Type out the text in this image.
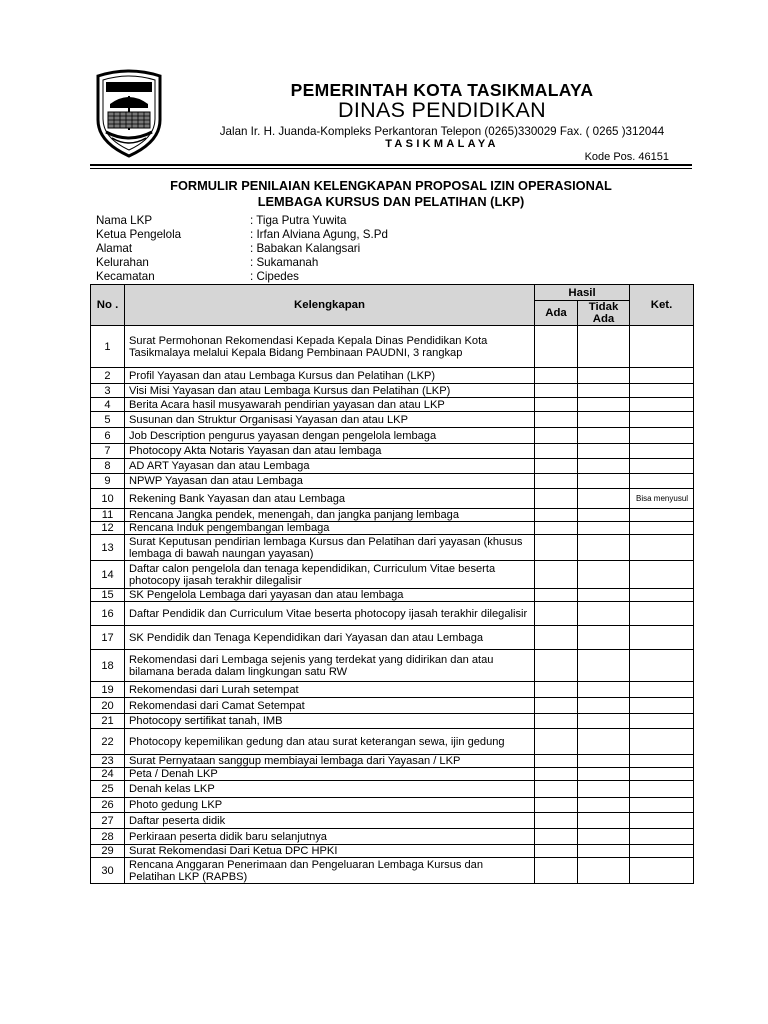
PEMERINTAH KOTA TASIKMALAYA
DINAS PENDIDIKAN
Jalan Ir. H. Juanda-Kompleks Perkantoran Telepon (0265)330029 Fax. ( 0265 )312044
TASIKMALAYA
Kode Pos. 46151
FORMULIR PENILAIAN KELENGKAPAN PROPOSAL IZIN OPERASIONAL
LEMBAGA KURSUS DAN PELATIHAN (LKP)
Nama LKP	: Tiga Putra Yuwita
Ketua Pengelola	: Irfan Alviana Agung, S.Pd
Alamat	: Babakan Kalangsari
Kelurahan	: Sukamanah
Kecamatan	: Cipedes
No .	Kelengkapan	Hasil		Ket.
		Ada	Tidak Ada	
1	Surat Permohonan Rekomendasi Kepada Kepala Dinas Pendidikan Kota Tasikmalaya melalui Kepala Bidang Pembinaan PAUDNI, 3 rangkap			
2	Profil Yayasan dan atau Lembaga Kursus dan Pelatihan (LKP)			
3	Visi Misi Yayasan dan atau Lembaga Kursus dan Pelatihan (LKP)			
4	Berita Acara hasil musyawarah pendirian yayasan dan atau LKP			
5	Susunan dan Struktur Organisasi Yayasan dan atau LKP			
6	Job Description pengurus yayasan dengan pengelola lembaga			
7	Photocopy Akta Notaris Yayasan dan atau lembaga			
8	AD ART Yayasan dan atau Lembaga			
9	NPWP Yayasan dan atau Lembaga			
10	Rekening Bank Yayasan dan atau Lembaga			Bisa menyusul

11	Rencana Jangka pendek, menengah, dan jangka panjang lembaga			
12	Rencana Induk pengembangan lembaga			
13	Surat Keputusan pendirian lembaga Kursus dan Pelatihan dari yayasan (khusus lembaga di bawah naungan yayasan)			
14	Daftar calon pengelola dan tenaga kependidikan, Curriculum Vitae beserta photocopy ijasah terakhir dilegalisir			
15	SK Pengelola Lembaga dari yayasan dan atau lembaga			
16	Daftar Pendidik dan Curriculum Vitae beserta photocopy ijasah terakhir dilegalisir			
17	SK Pendidik dan Tenaga Kependidikan dari Yayasan dan atau Lembaga			
18	Rekomendasi dari Lembaga sejenis yang terdekat yang didirikan dan atau bilamana berada dalam lingkungan satu RW			
19	Rekomendasi dari Lurah setempat			
20	Rekomendasi dari Camat Setempat			
21	Photocopy sertifikat tanah, IMB			
22	Photocopy kepemilikan gedung dan atau surat keterangan sewa, ijin gedung			
23	Surat Pernyataan sanggup membiayai lembaga dari Yayasan / LKP			
24	Peta / Denah LKP			
25	Denah kelas LKP			
26	Photo gedung LKP			
27	Daftar peserta didik			
28	Perkiraan peserta didik baru selanjutnya			
29	Surat Rekomendasi Dari Ketua DPC HPKI			
30	Rencana Anggaran Penerimaan dan Pengeluaran Lembaga Kursus dan Pelatihan LKP (RAPBS)			
